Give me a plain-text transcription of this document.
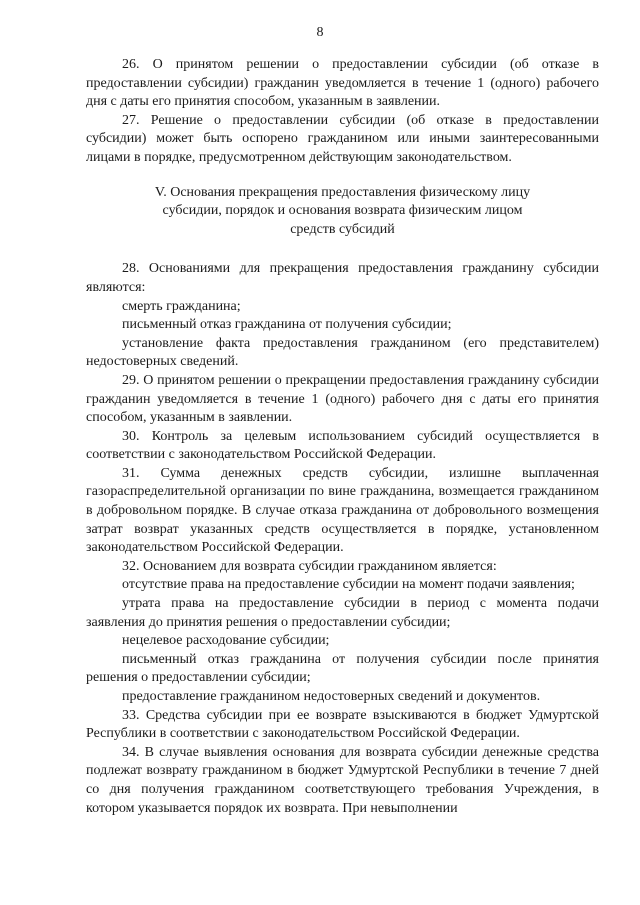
8

26. О принятом решении о предоставлении субсидии (об отказе в предоставлении субсидии) гражданин уведомляется в течение 1 (одного) рабочего дня с даты его принятия способом, указанным в заявлении.

27. Решение о предоставлении субсидии (об отказе в предоставлении субсидии) может быть оспорено гражданином или иными заинтересованными лицами в порядке, предусмотренном действующим законодательством.

V. Основания прекращения предоставления физическому лицу
субсидии, порядок и основания возврата физическим лицом
средств субсидий

28. Основаниями для прекращения предоставления гражданину субсидии являются:

смерть гражданина;

письменный отказ гражданина от получения субсидии;

установление факта предоставления гражданином (его представителем) недостоверных сведений.

29. О принятом решении о прекращении предоставления гражданину субсидии гражданин уведомляется в течение 1 (одного) рабочего дня с даты его принятия способом, указанным в заявлении.

30. Контроль за целевым использованием субсидий осуществляется в соответствии с законодательством Российской Федерации.

31. Сумма денежных средств субсидии, излишне выплаченная газораспределительной организации по вине гражданина, возмещается гражданином в добровольном порядке. В случае отказа гражданина от добровольного возмещения затрат возврат указанных средств осуществляется в порядке, установленном законодательством Российской Федерации.

32. Основанием для возврата субсидии гражданином является:

отсутствие права на предоставление субсидии на момент подачи заявления;

утрата права на предоставление субсидии в период с момента подачи заявления до принятия решения о предоставлении субсидии;

нецелевое расходование субсидии;

письменный отказ гражданина от получения субсидии после принятия решения о предоставлении субсидии;

предоставление гражданином недостоверных сведений и документов.

33. Средства субсидии при ее возврате взыскиваются в бюджет Удмуртской Республики в соответствии с законодательством Российской Федерации.

34. В случае выявления основания для возврата субсидии денежные средства подлежат возврату гражданином в бюджет Удмуртской Республики в течение 7 дней со дня получения гражданином соответствующего требования Учреждения, в котором указывается порядок их возврата. При невыполнении
